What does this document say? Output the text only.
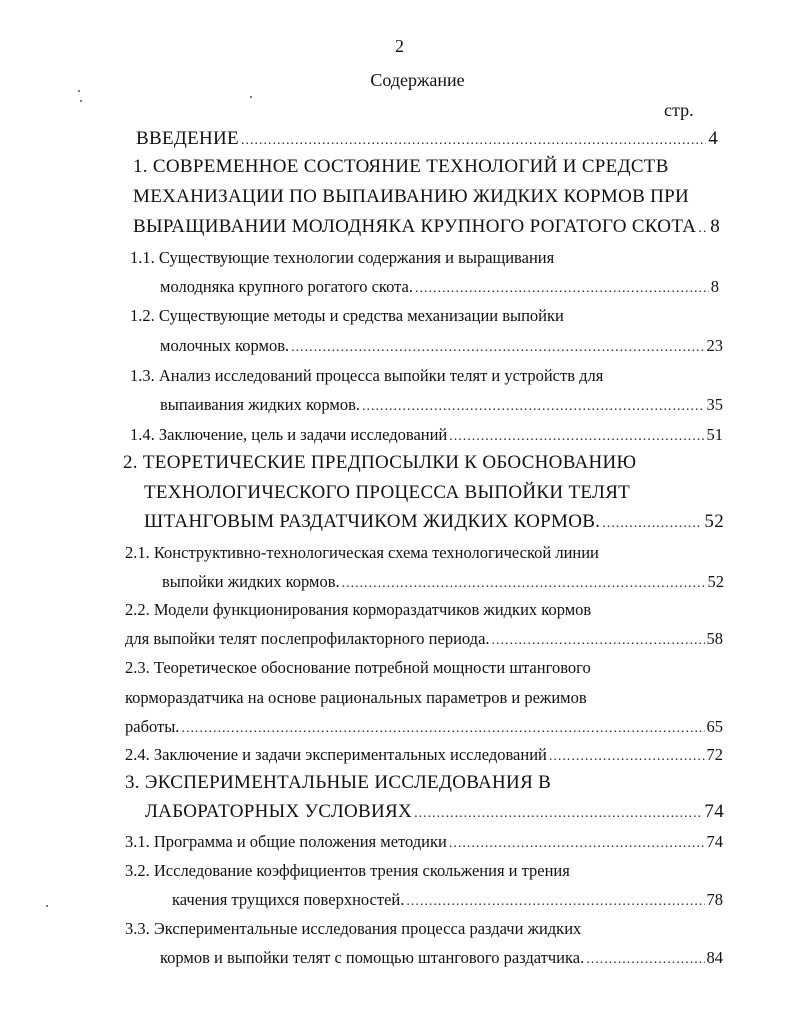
2
Содержание
стр.
ВВЕДЕНИЕ .....	4
1. СОВРЕМЕННОЕ СОСТОЯНИЕ ТЕХНОЛОГИЙ И СРЕДСТВ
МЕХАНИЗАЦИИ ПО ВЫПАИВАНИЮ ЖИДКИХ КОРМОВ ПРИ
ВЫРАЩИВАНИИ МОЛОДНЯКА КРУПНОГО РОГАТОГО СКОТА ..... 8
1.1. Существующие технологии содержания и выращивания
молодняка крупного рогатого скота. .....	8
1.2. Существующие методы и средства механизации выпойки
молочных кормов. .....	23
1.3. Анализ исследований процесса выпойки телят и устройств для
выпаивания жидких кормов. .....	35
1.4. Заключение, цель и задачи исследований .....	51
2. ТЕОРЕТИЧЕСКИЕ ПРЕДПОСЫЛКИ К ОБОСНОВАНИЮ
ТЕХНОЛОГИЧЕСКОГО ПРОЦЕССА ВЫПОЙКИ ТЕЛЯТ
ШТАНГОВЫМ РАЗДАТЧИКОМ ЖИДКИХ КОРМОВ. .....	52
2.1. Конструктивно-технологическая схема технологической линии
выпойки жидких кормов. .....	52
2.2. Модели функционирования кормораздатчиков жидких кормов
для выпойки телят послепрофилакторного периода. .....	58
2.3. Теоретическое обоснование потребной мощности штангового
кормораздатчика на основе рациональных параметров и режимов
работы. .....	65
2.4. Заключение и задачи экспериментальных исследований .....	72
3. ЭКСПЕРИМЕНТАЛЬНЫЕ ИССЛЕДОВАНИЯ В
ЛАБОРАТОРНЫХ УСЛОВИЯХ .....	74
3.1. Программа и общие положения методики .....	74
3.2. Исследование коэффициентов трения скольжения и трения
качения трущихся поверхностей. .....	78
3.3. Экспериментальные исследования процесса раздачи жидких
кормов и выпойки телят с помощью штангового раздатчика. .....	84
